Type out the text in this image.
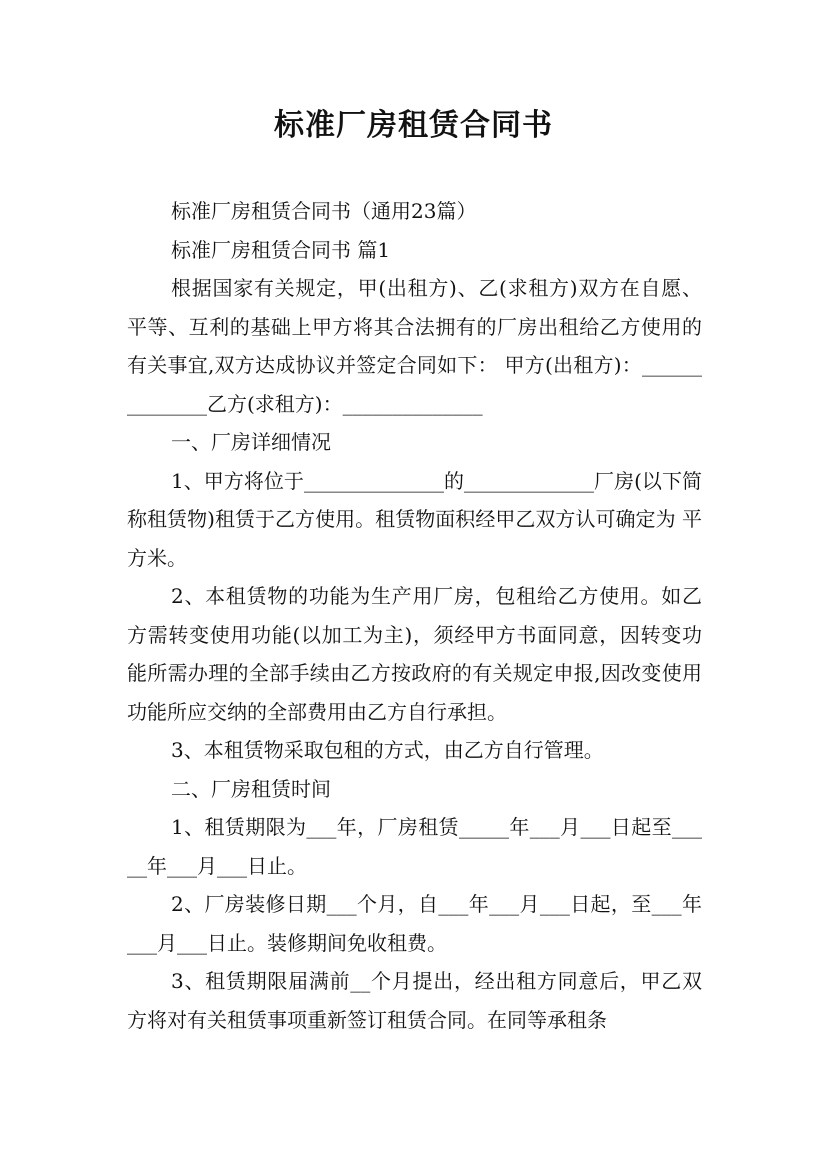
标准厂房租赁合同书

标准厂房租赁合同书（通用23篇）

标准厂房租赁合同书 篇1

根据国家有关规定，甲(出租方)、乙(求租方)双方在自愿、平等、互利的基础上甲方将其合法拥有的厂房出租给乙方使用的有关事宜,双方达成协议并签定合同如下： 甲方(出租方)：______________乙方(求租方)：______________

一、厂房详细情况

1、甲方将位于______________的_____________厂房(以下简称租赁物)租赁于乙方使用。租赁物面积经甲乙双方认可确定为 平方米。

2、本租赁物的功能为生产用厂房，包租给乙方使用。如乙方需转变使用功能(以加工为主)，须经甲方书面同意，因转变功能所需办理的全部手续由乙方按政府的有关规定申报,因改变使用功能所应交纳的全部费用由乙方自行承担。

3、本租赁物采取包租的方式，由乙方自行管理。

二、厂房租赁时间

1、租赁期限为___年，厂房租赁_____年___月___日起至_____年___月___日止。

2、厂房装修日期___个月，自___年___月___日起，至___年___月___日止。装修期间免收租费。

3、租赁期限届满前__个月提出，经出租方同意后，甲乙双方将对有关租赁事项重新签订租赁合同。在同等承租条
